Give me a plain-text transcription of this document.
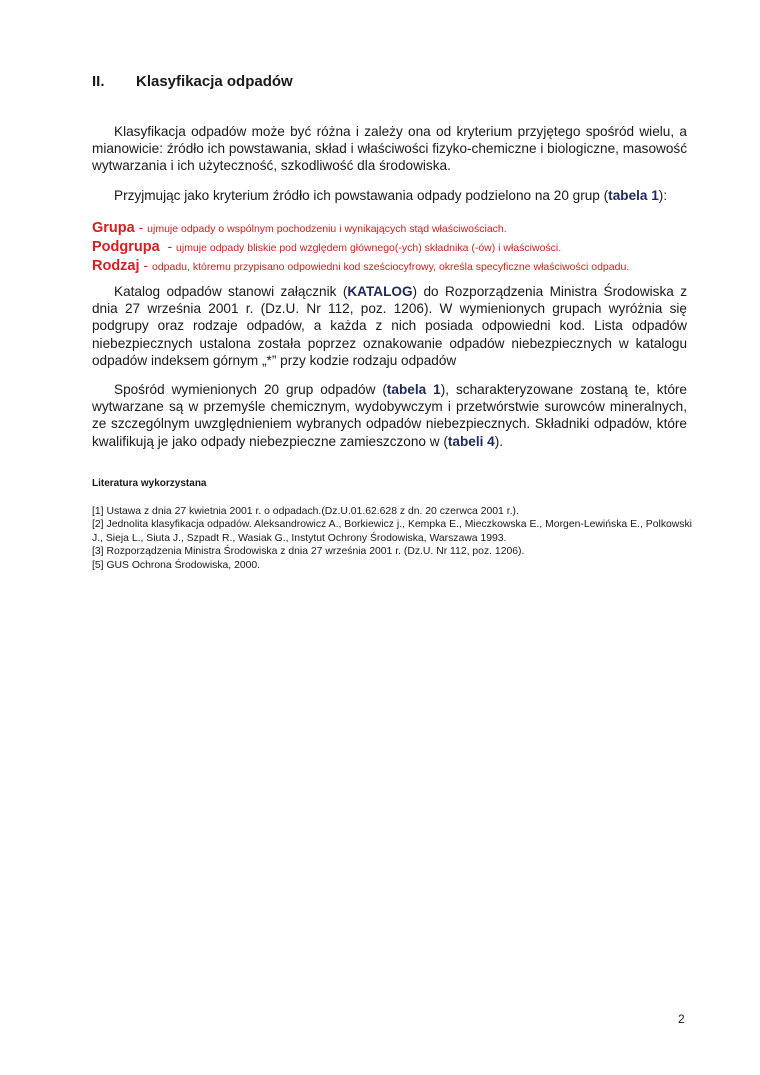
II. Klasyfikacja odpadów

Klasyfikacja odpadów może być różna i zależy ona od kryterium przyjętego spośród wielu, a mianowicie: źródło ich powstawania, skład i właściwości fizyko-chemiczne i biologiczne, masowość wytwarzania i ich użyteczność, szkodliwość dla środowiska.

Przyjmując jako kryterium źródło ich powstawania odpady podzielono na 20 grup (tabela 1):

Grupa - ujmuje odpady o wspólnym pochodzeniu i wynikających stąd właściwościach.
Podgrupa  - ujmuje odpady bliskie pod względem głównego(-ych) składnika (-ów) i właściwości.
Rodzaj - odpadu, któremu przypisano odpowiedni kod sześciocyfrowy, określa specyficzne właściwości odpadu.

Katalog odpadów stanowi załącznik (KATALOG) do Rozporządzenia Ministra Środowiska z dnia 27 września 2001 r. (Dz.U. Nr 112, poz. 1206). W wymienionych grupach wyróżnia się podgrupy oraz rodzaje odpadów, a każda z nich posiada odpowiedni kod. Lista odpadów niebezpiecznych ustalona została poprzez oznakowanie odpadów niebezpiecznych w katalogu odpadów indeksem górnym „*” przy kodzie rodzaju odpadów

Spośród wymienionych 20 grup odpadów (tabela 1), scharakteryzowane zostaną te, które wytwarzane są w przemyśle chemicznym, wydobywczym i przetwórstwie surowców mineralnych, ze szczególnym uwzględnieniem wybranych odpadów niebezpiecznych. Składniki odpadów, które kwalifikują je jako odpady niebezpieczne zamieszczono w (tabeli 4).

Literatura wykorzystana
[1] Ustawa z dnia 27 kwietnia 2001 r. o odpadach.(Dz.U.01.62.628 z dn. 20 czerwca 2001 r.).
[2] Jednolita klasyfikacja odpadów. Aleksandrowicz A., Borkiewicz j., Kempka E., Mieczkowska E., Morgen-Lewińska E., Polkowski J., Sieja L., Siuta J., Szpadt R., Wasiak G., Instytut Ochrony Środowiska, Warszawa 1993.
[3] Rozporządzenia Ministra Środowiska z dnia 27 września 2001 r. (Dz.U. Nr 112, poz. 1206).
[5] GUS Ochrona Środowiska, 2000.
2
